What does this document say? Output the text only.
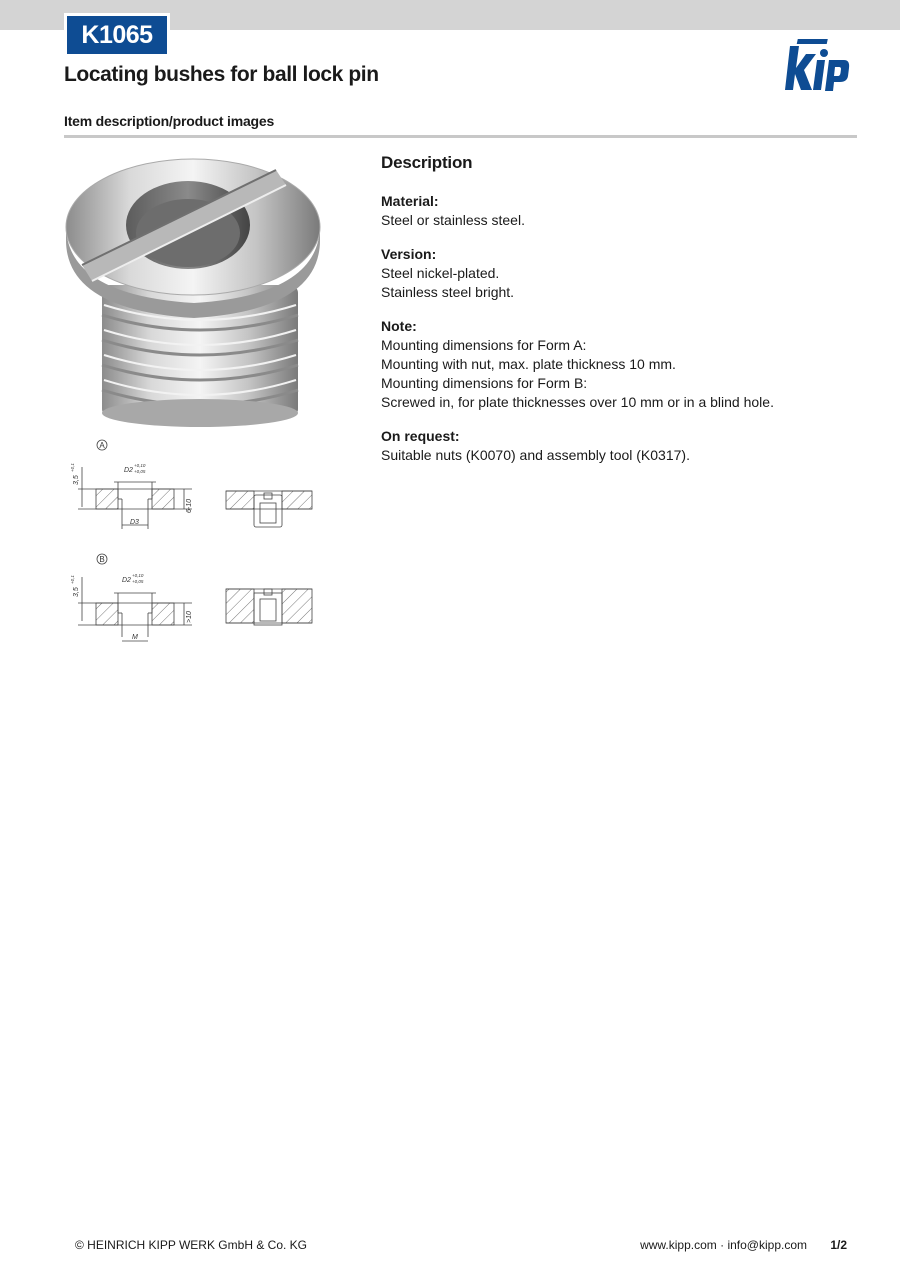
K1065
Locating bushes for ball lock pin
Item description/product images
A
D2
+0,10
+0,05
3,5
+0,1
D3
6-10
B
D2
+0,10
+0,05
3,5
+0,1
M
>10
Description
Material:
Steel or stainless steel.
Version:
Steel nickel-plated.
Stainless steel bright.
Note:
Mounting dimensions for Form A:
Mounting with nut, max. plate thickness 10 mm.
Mounting dimensions for Form B:
Screwed in, for plate thicknesses over 10 mm or in a blind hole.
On request:
Suitable nuts (K0070) and assembly tool (K0317).
© HEINRICH KIPP WERK GmbH & Co. KG	www.kipp.com · info@kipp.com 1/2
